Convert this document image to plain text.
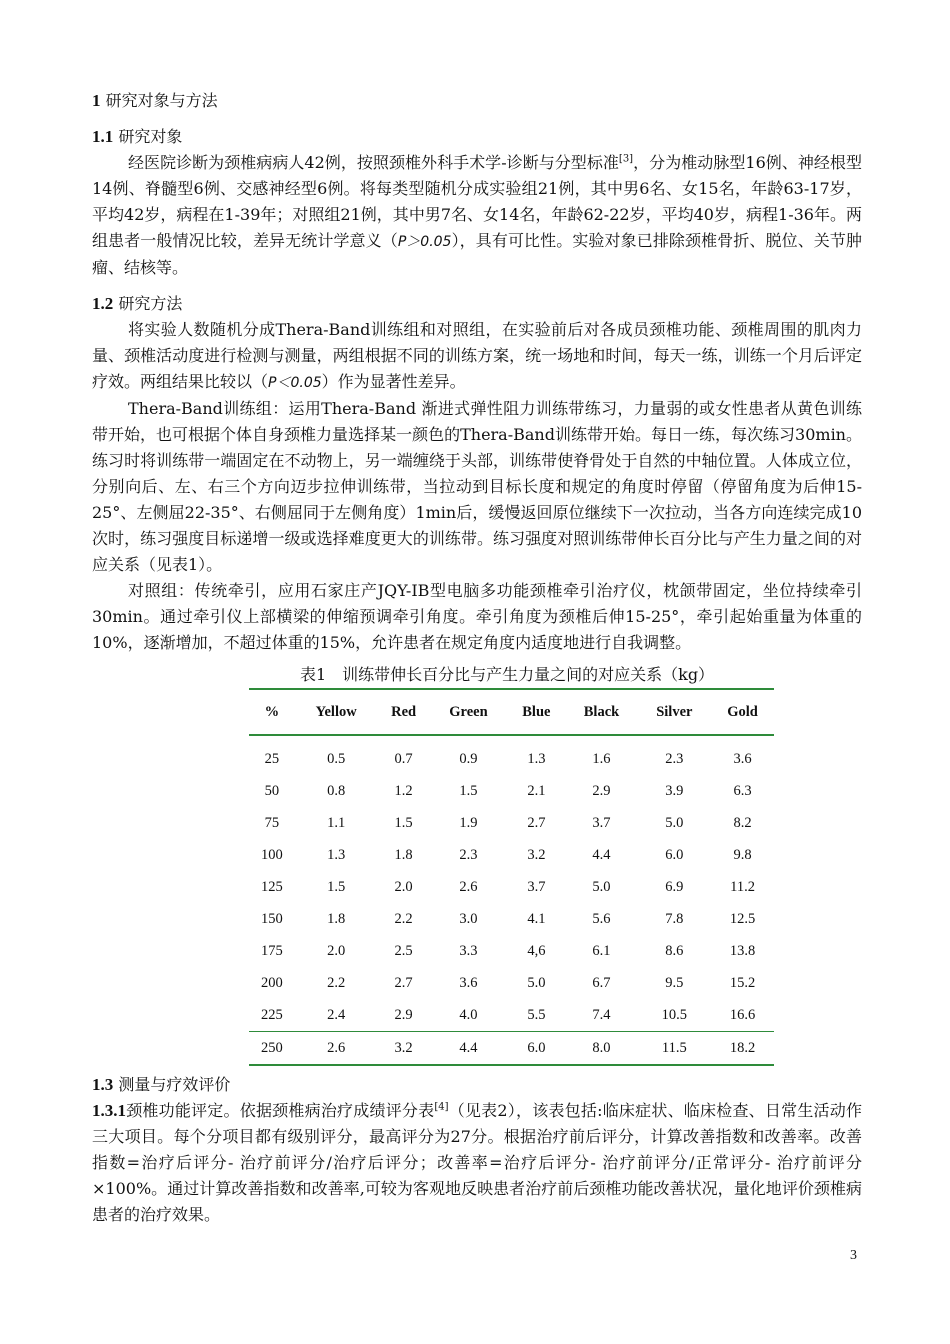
1 研究对象与方法
1.1 研究对象

经医院诊断为颈椎病病人42例，按照颈椎外科手术学-诊断与分型标准[3]，分为椎动脉型16例、神经根型14例、脊髓型6例、交感神经型6例。将每类型随机分成实验组21例，其中男6名、女15名，年龄63-17岁，平均42岁，病程在1-39年；对照组21例，其中男7名、女14名，年龄62-22岁，平均40岁，病程1-36年。两组患者一般情况比较，差异无统计学意义（P＞0.05），具有可比性。实验对象已排除颈椎骨折、脱位、关节肿瘤、结核等。

1.2 研究方法

将实验人数随机分成Thera-Band训练组和对照组，在实验前后对各成员颈椎功能、颈椎周围的肌肉力量、颈椎活动度进行检测与测量，两组根据不同的训练方案，统一场地和时间，每天一练，训练一个月后评定疗效。两组结果比较以（P＜0.05）作为显著性差异。

Thera-Band训练组：运用Thera-Band 渐进式弹性阻力训练带练习，力量弱的或女性患者从黄色训练带开始，也可根据个体自身颈椎力量选择某一颜色的Thera-Band训练带开始。每日一练，每次练习30min。练习时将训练带一端固定在不动物上，另一端缠绕于头部，训练带使脊骨处于自然的中轴位置。人体成立位，分别向后、左、右三个方向迈步拉伸训练带，当拉动到目标长度和规定的角度时停留（停留角度为后伸15-25°、左侧屈22-35°、右侧屈同于左侧角度）1min后，缓慢返回原位继续下一次拉动，当各方向连续完成10次时，练习强度目标递增一级或选择难度更大的训练带。练习强度对照训练带伸长百分比与产生力量之间的对应关系（见表1）。

对照组：传统牵引，应用石家庄产JQY-IB型电脑多功能颈椎牵引治疗仪，枕颌带固定，坐位持续牵引30min。通过牵引仪上部横梁的伸缩预调牵引角度。牵引角度为颈椎后伸15-25°，牵引起始重量为体重的10%，逐渐增加，不超过体重的15%，允许患者在规定角度内适度地进行自我调整。

表1　训练带伸长百分比与产生力量之间的对应关系（kg）
%	Yellow	Red	Green	Blue	Black	Silver	Gold
25	0.5	0.7	0.9	1.3	1.6	2.3	3.6
50	0.8	1.2	1.5	2.1	2.9	3.9	6.3
75	1.1	1.5	1.9	2.7	3.7	5.0	8.2
100	1.3	1.8	2.3	3.2	4.4	6.0	9.8
125	1.5	2.0	2.6	3.7	5.0	6.9	11.2
150	1.8	2.2	3.0	4.1	5.6	7.8	12.5
175	2.0	2.5	3.3	4,6	6.1	8.6	13.8
200	2.2	2.7	3.6	5.0	6.7	9.5	15.2
225	2.4	2.9	4.0	5.5	7.4	10.5	16.6
250	2.6	3.2	4.4	6.0	8.0	11.5	18.2
1.3 测量与疗效评价

1.3.1颈椎功能评定。依据颈椎病治疗成绩评分表[4]（见表2），该表包括:临床症状、临床检查、日常生活动作三大项目。每个分项目都有级别评分，最高评分为27分。根据治疗前后评分，计算改善指数和改善率。改善指数=治疗后评分- 治疗前评分/治疗后评分；改善率=治疗后评分- 治疗前评分/正常评分- 治疗前评分×100%。通过计算改善指数和改善率,可较为客观地反映患者治疗前后颈椎功能改善状况，量化地评价颈椎病患者的治疗效果。

3
